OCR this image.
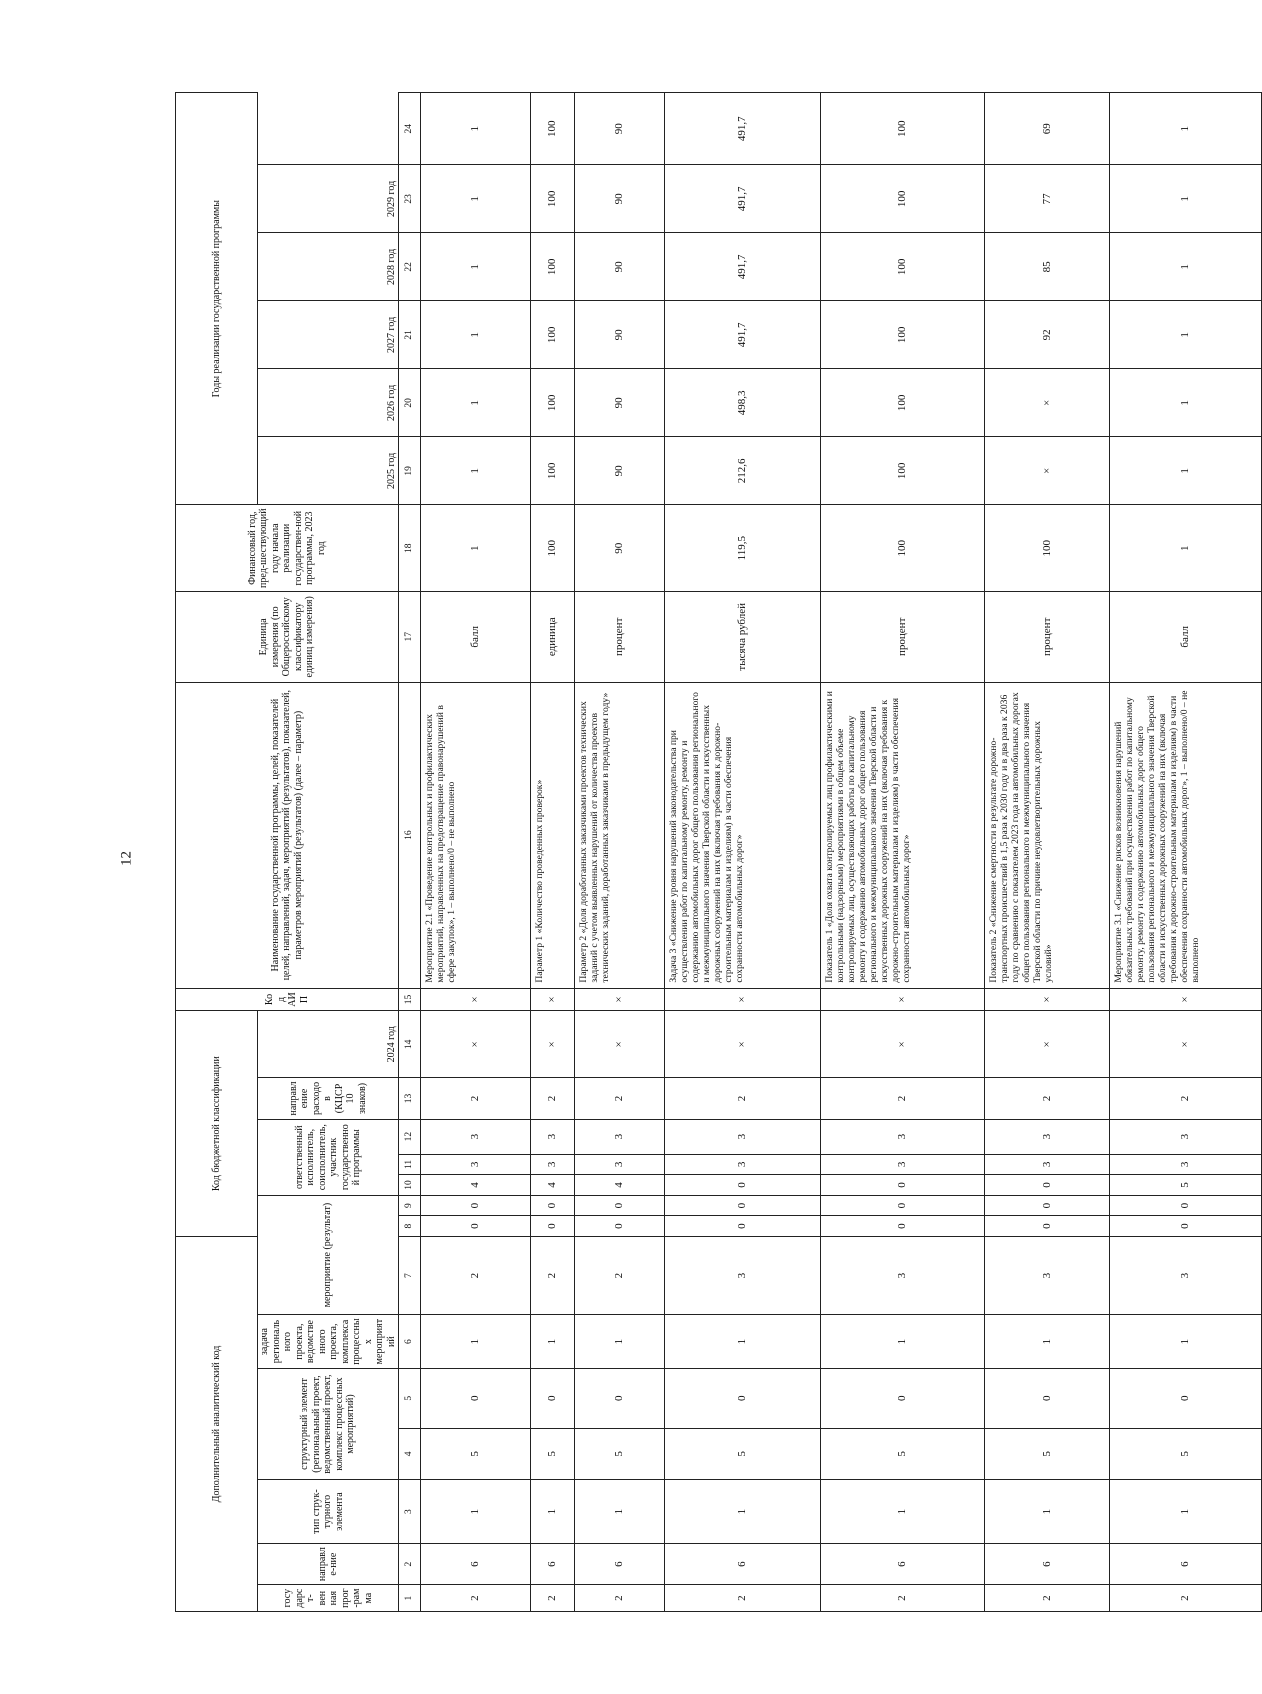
12
Дополнительный аналитический код							Код бюджетной классификации							Код АИП	Наименование государственной программы, целей, показателей целей, направлений, задач, мероприятий (результатов), показателей, параметров мероприятий (результатов) (далее – параметр)	Единица измерения (по Общероссийскому классификатору единиц измерения)	Финансовый год, пред-шествующий году начала реализации государствен-ной программы, 2023 год	Годы реализации государственной программы					
государст-венная прог-рамма	направле-ние	тип струк-турного элемента	структурный элемент (региональный проект, ведомственный проект, комплекс процессных мероприятий)		задача регионального проекта, ведомственного проекта, комплекса процессных мероприятий	мероприятие (результат)			ответственный исполнитель, соисполнитель, участник государственной программы			направление расходов (КЦСР 10 знаков)	2024 год					2025 год	2026 год	2027 год	2028 год	2029 год	

1	2	3	4	5	6	7	8	9	10	11	12	13	14	15	16	17	18	19	20	21	22	23	24
2	6	1	5	0	1	2	0	0	4	3	3	2	×	×	Мероприятие 2.1 «Проведение контрольных и профилактических мероприятий, направленных на предотвращение правонарушений в сфере закупок», 1 – выполнено/0 – не выполнено	балл	1	1	1	1	1	1	1
2	6	1	5	0	1	2	0	0	4	3	3	2	×	×	Параметр 1 «Количество проведенных проверок»	единица	100	100	100	100	100	100	100
2	6	1	5	0	1	2	0	0	4	3	3	2	×	×	Параметр 2 «Доля доработанных заказчиками проектов технических заданий с учетом выявленных нарушений от количества проектов технических заданий, доработанных заказчиками в предыдущем году»	процент	90	90	90	90	90	90	90
2	6	1	5	0	1	3	0	0	0	3	3	2	×	×	Задача 3 «Снижение уровня нарушений законодательства при осуществлении работ по капитальному ремонту, ремонту и содержанию автомобильных дорог общего пользования регионального и межмуниципального значения Тверской области и искусственных дорожных сооружений на них (включая требования к дорожно-строительным материалам и изделиям) в части обеспечения сохранности автомобильных дорог»	тысяча рублей	119,5	212,6	498,3	491,7	491,7	491,7	491,7
2	6	1	5	0	1	3	0	0	0	3	3	2	×	×	Показатель 1 «Доля охвата контролируемых лиц профилактическими и контрольными (надзорными) мероприятиями в общем объеме контролируемых лиц, осуществляющих работы по капитальному ремонту и содержанию автомобильных дорог общего пользования регионального и межмуниципального значения Тверской области и искусственных дорожных сооружений на них (включая требования к дорожно-строительным материалам и изделиям) в части обеспечения сохранности автомобильных дорог»	процент	100	100	100	100	100	100	100
2	6	1	5	0	1	3	0	0	0	3	3	2	×	×	Показатель 2 «Снижение смертности в результате дорожно-транспортных происшествий в 1,5 раза к 2030 году и в два раза к 2036 году по сравнению с показателем 2023 года на автомобильных дорогах общего пользования регионального и межмуниципального значения Тверской области по причине неудовлетворительных дорожных условий»	процент	100	×	×	92	85	77	69
2	6	1	5	0	1	3	0	0	5	3	3	2	×	×	Мероприятие 3.1 «Снижение рисков возникновения нарушений обязательных требований при осуществлении работ по капитальному ремонту, ремонту и содержанию автомобильных дорог общего пользования регионального и межмуниципального значения Тверской области и искусственных дорожных сооружений на них (включая требования к дорожно-строительным материалам и изделиям) в части обеспечения сохранности автомобильных дорог», 1 – выполнено/0 – не выполнено	балл	1	1	1	1	1	1	1
